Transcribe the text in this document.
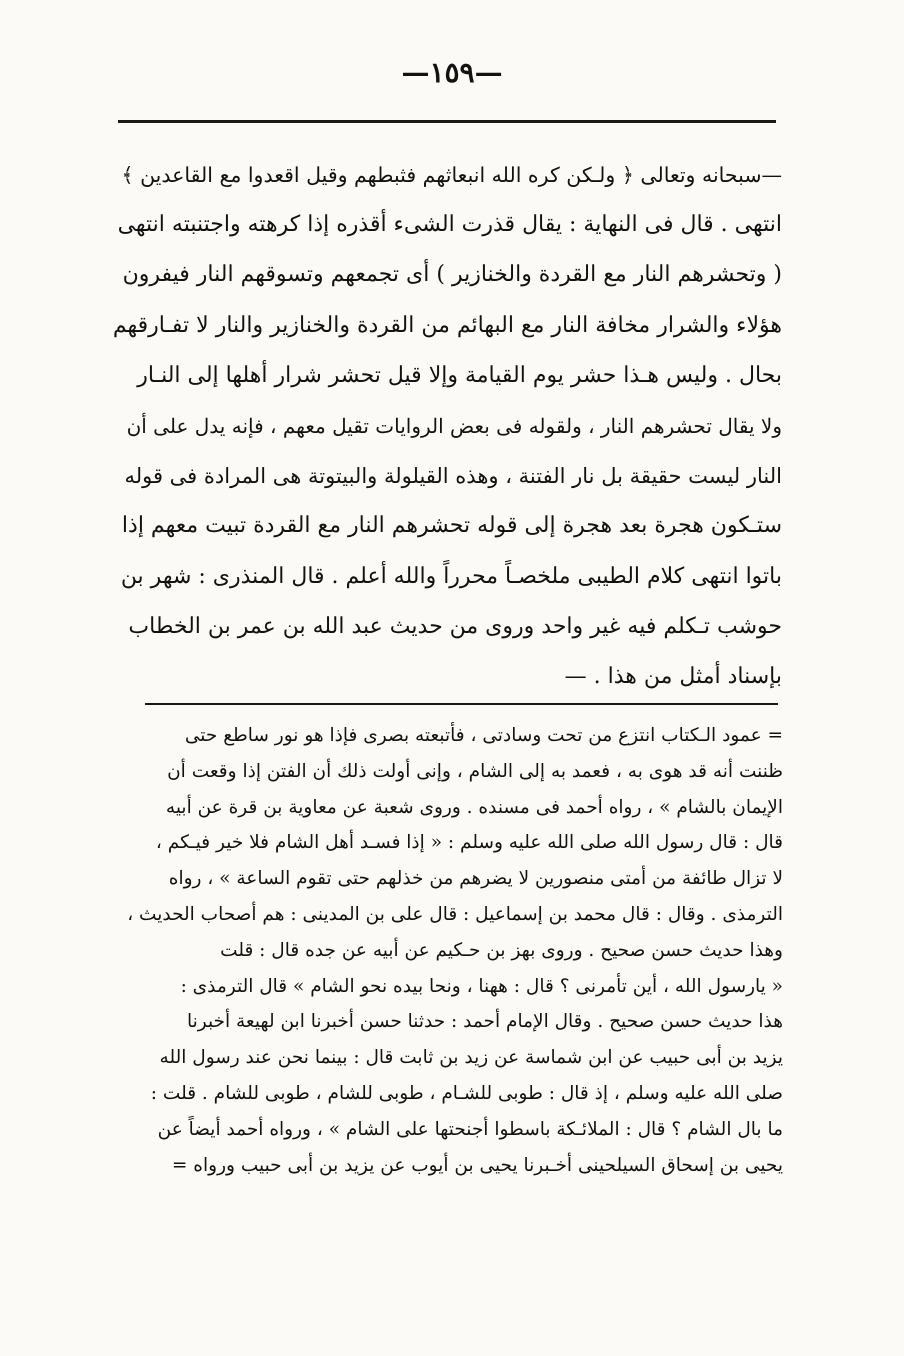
—١٥٩—
—سبحانه وتعالى ﴿ ولـكن كره الله انبعاثهم فثبطهم وقيل اقعدوا مع القاعدين ﴾
انتهى . قال فى النهاية : يقال قذرت الشىء أقذره إذا كرهته واجتنبته انتهى
( وتحشرهم النار مع القردة والخنازير ) أى تجمعهم وتسوقهم النار فيفرون
هؤلاء والشرار مخافة النار مع البهائم من القردة والخنازير والنار لا تفـارقهم
بحال . وليس هـذا حشر يوم القيامة وإلا قيل تحشر شرار أهلها إلى النـار
ولا يقال تحشرهم النار ، ولقوله فى بعض الروايات تقيل معهم ، فإنه يدل على أن
النار ليست حقيقة بل نار الفتنة ، وهذه القيلولة والبيتوتة هى المرادة فى قوله
ستـكون هجرة بعد هجرة إلى قوله تحشرهم النار مع القردة تبيت معهم إذا
باتوا انتهى كلام الطيبى ملخصـاً محرراً والله أعلم . قال المنذرى : شهر بن
حوشب تـكلم فيه غير واحد وروى من حديث عبد الله بن عمر بن الخطاب
بإسناد أمثل من هذا . —
= عمود الـكتاب انتزع من تحت وسادتى ، فأتبعته بصرى فإذا هو نور ساطع حتى
ظننت أنه قد هوى به ، فعمد به إلى الشام ، وإنى أولت ذلك أن الفتن إذا وقعت أن
الإيمان بالشام » ، رواه أحمد فى مسنده . وروى شعبة عن معاوية بن قرة عن أبيه
قال : قال رسول الله صلى الله عليه وسلم : « إذا فسـد أهل الشام فلا خير فيـكم ،
لا تزال طائفة من أمتى منصورين لا يضرهم من خذلهم حتى تقوم الساعة » ، رواه
الترمذى . وقال : قال محمد بن إسماعيل : قال على بن المدينى : هم أصحاب الحديث ،
وهذا حديث حسن صحيح . وروى بهز بن حـكيم عن أبيه عن جده قال : قلت
« يارسول الله ، أين تأمرنى ؟ قال : ههنا ، ونحا بيده نحو الشام » قال الترمذى :
هذا حديث حسن صحيح . وقال الإمام أحمد : حدثنا حسن أخبرنا ابن لهيعة أخبرنا
يزيد بن أبى حبيب عن ابن شماسة عن زيد بن ثابت قال : بينما نحن عند رسول الله
صلى الله عليه وسلم ، إذ قال : طوبى للشـام ، طوبى للشام ، طوبى للشام . قلت :
ما بال الشام ؟ قال : الملائـكة باسطوا أجنحتها على الشام » ، ورواه أحمد أيضاً عن
يحيى بن إسحاق السيلحينى أخـبرنا يحيى بن أيوب عن يزيد بن أبى حبيب ورواه =
